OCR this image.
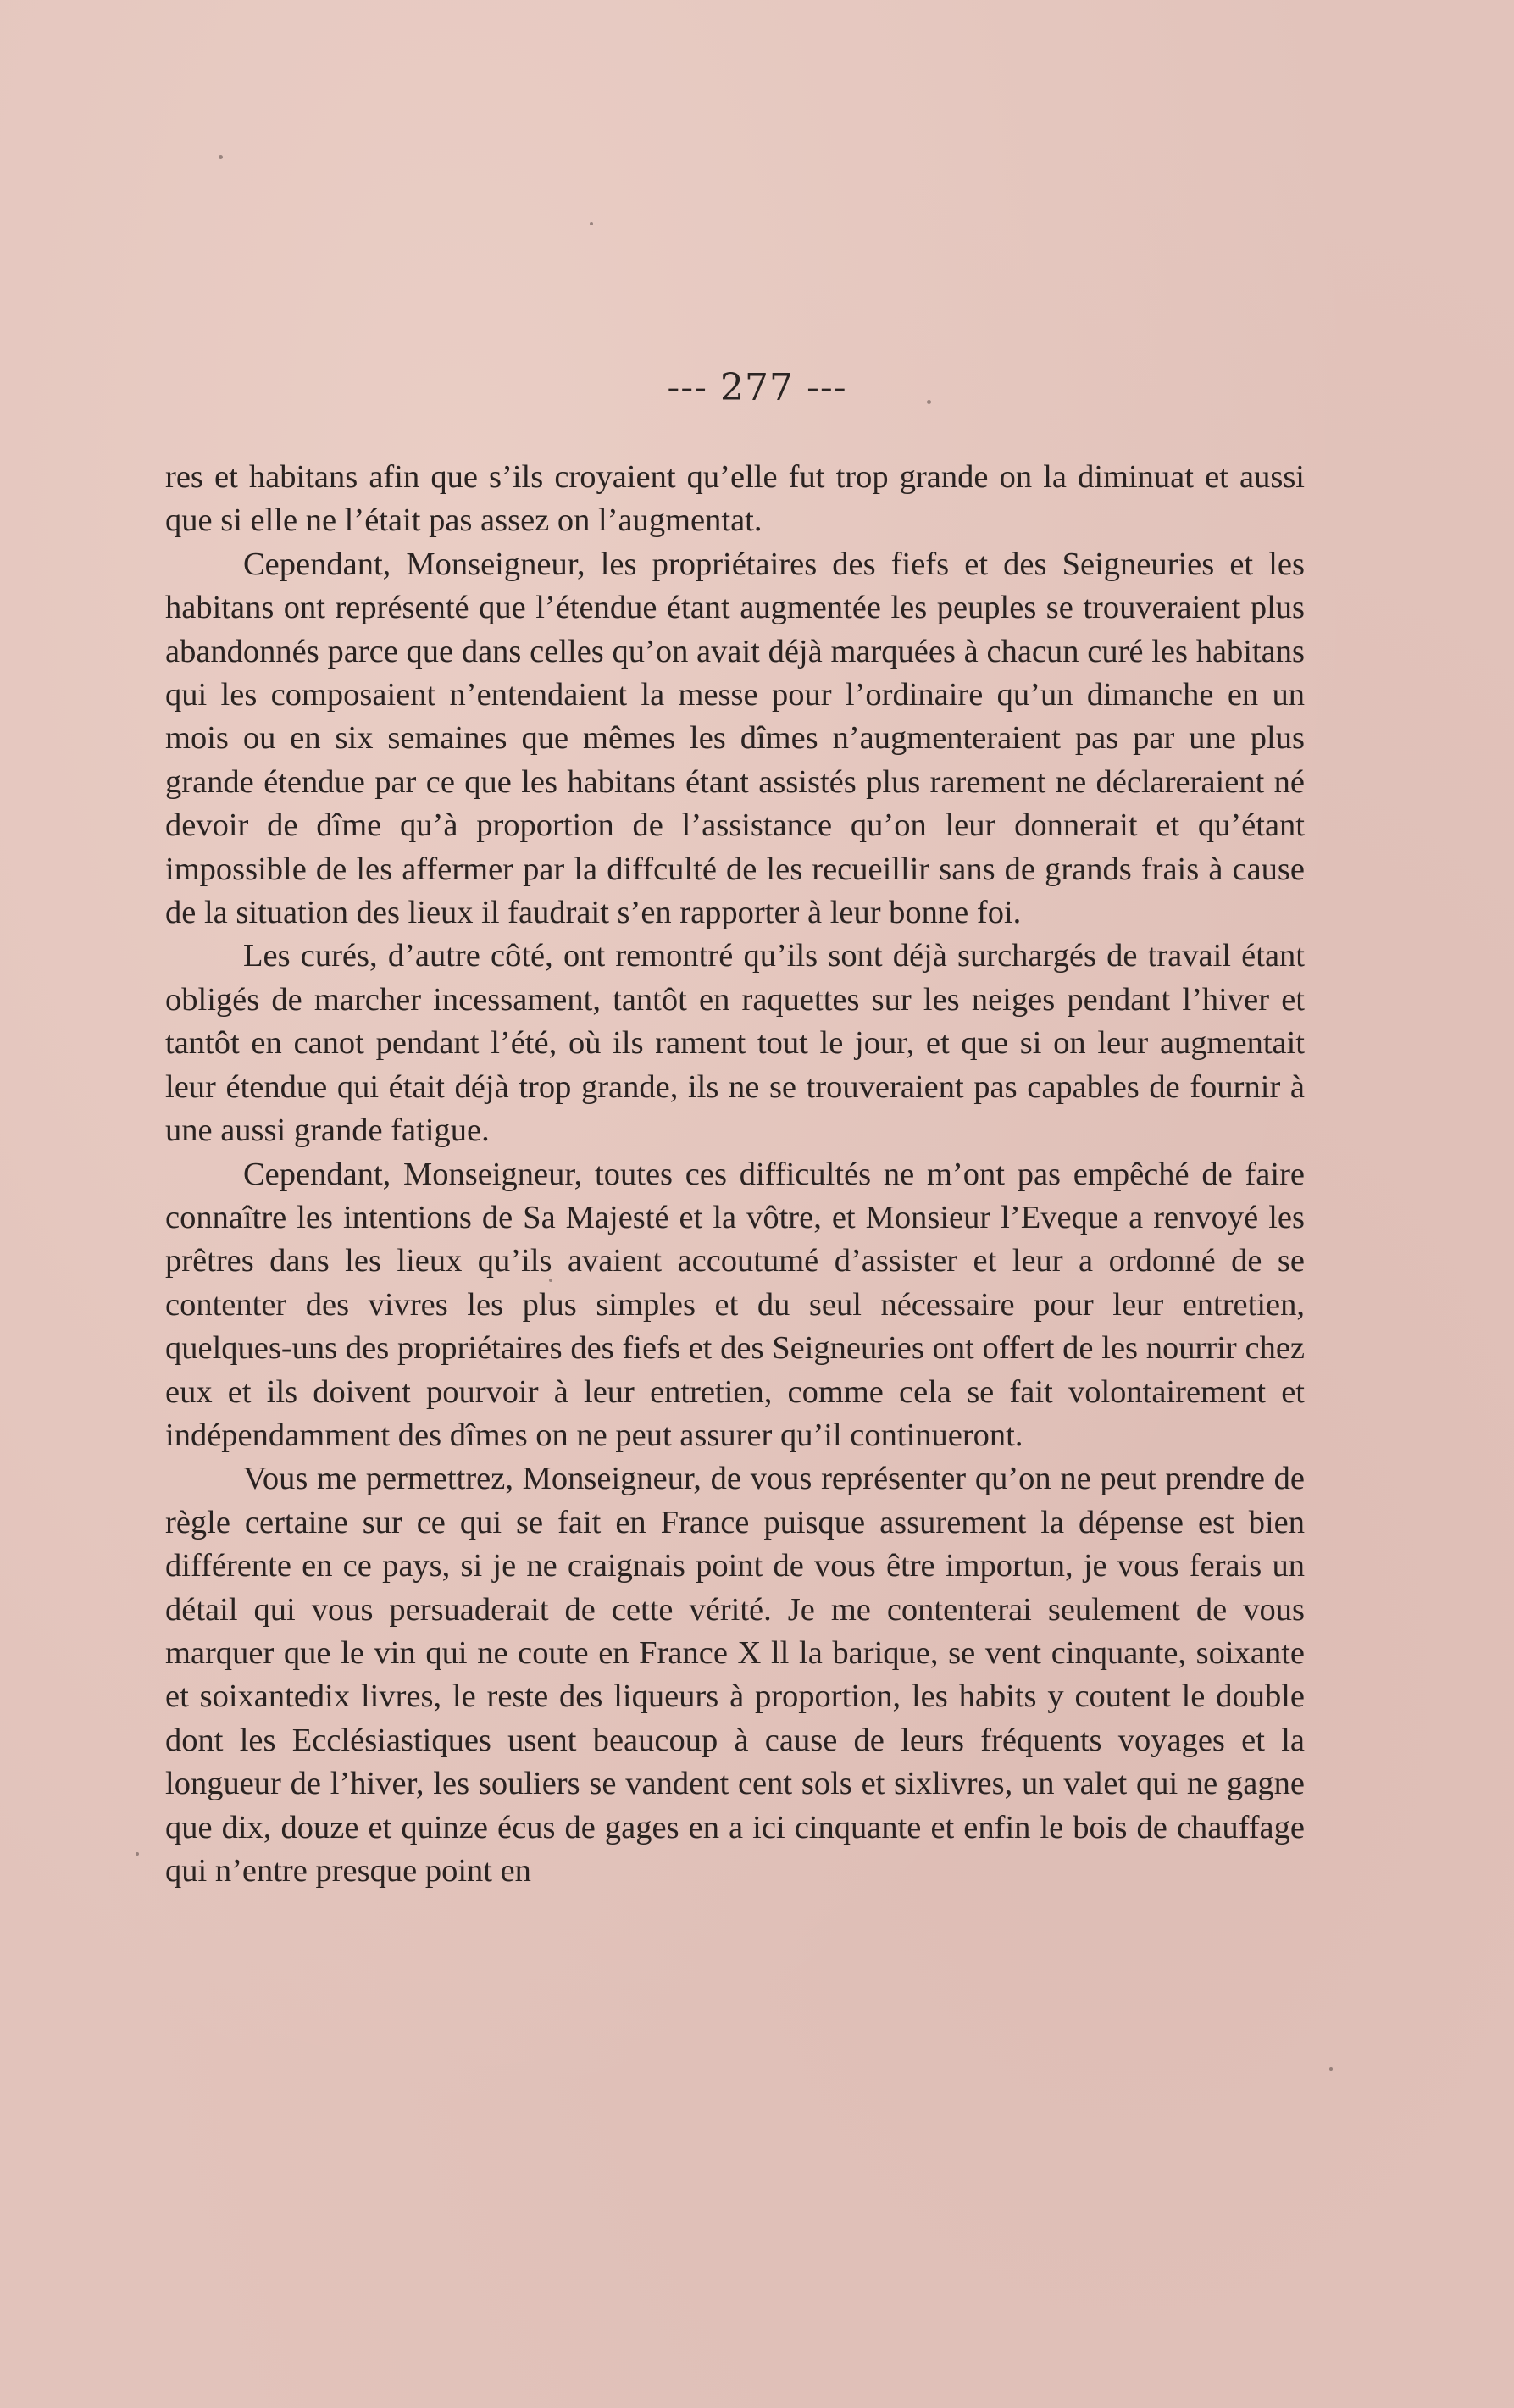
--- 277 ---

res et habitans afin que s’ils croyaient qu’elle fut trop grande on la diminuat et aussi que si elle ne l’était pas assez on l’augmentat.

Cependant, Monseigneur, les propriétaires des fiefs et des Seigneuries et les habitans ont représenté que l’étendue étant augmentée les peuples se trouveraient plus abandonnés parce que dans celles qu’on avait déjà marquées à chacun curé les habitans qui les composaient n’entendaient la messe pour l’ordinaire qu’un dimanche en un mois ou en six semaines que mêmes les dîmes n’augmenteraient pas par une plus grande étendue par ce que les habitans étant assistés plus rarement ne déclareraient né devoir de dîme qu’à proportion de l’assistance qu’on leur donnerait et qu’étant impossible de les affermer par la diffculté de les recueillir sans de grands frais à cause de la situation des lieux il faudrait s’en rapporter à leur bonne foi.

Les curés, d’autre côté, ont remontré qu’ils sont déjà surchargés de travail étant obligés de marcher incessament, tantôt en raquettes sur les neiges pendant l’hiver et tantôt en canot pendant l’été, où ils rament tout le jour, et que si on leur augmentait leur étendue qui était déjà trop grande, ils ne se trouveraient pas capables de fournir à une aussi grande fatigue.

Cependant, Monseigneur, toutes ces difficultés ne m’ont pas empêché de faire connaître les intentions de Sa Majesté et la vôtre, et Monsieur l’Eveque a renvoyé les prêtres dans les lieux qu’ils avaient accoutumé d’assister et leur a ordonné de se contenter des vivres les plus simples et du seul nécessaire pour leur entretien, quelques-uns des propriétaires des fiefs et des Seigneuries ont offert de les nourrir chez eux et ils doivent pourvoir à leur entretien, comme cela se fait volontairement et indépendamment des dîmes on ne peut assurer qu’il continueront.

Vous me permettrez, Monseigneur, de vous représenter qu’on ne peut prendre de règle certaine sur ce qui se fait en France puisque assurement la dépense est bien différente en ce pays, si je ne craignais point de vous être importun, je vous ferais un détail qui vous persuaderait de cette vérité. Je me contenterai seulement de vous marquer que le vin qui ne coute en France X ll la barique, se vent cinquante, soixante et soixantedix livres, le reste des liqueurs à proportion, les habits y coutent le double dont les Ecclésiastiques usent beaucoup à cause de leurs fréquents voyages et la longueur de l’hiver, les souliers se vandent cent sols et sixlivres, un valet qui ne gagne que dix, douze et quinze écus de gages en a ici cinquante et enfin le bois de chauffage qui n’entre presque point en
